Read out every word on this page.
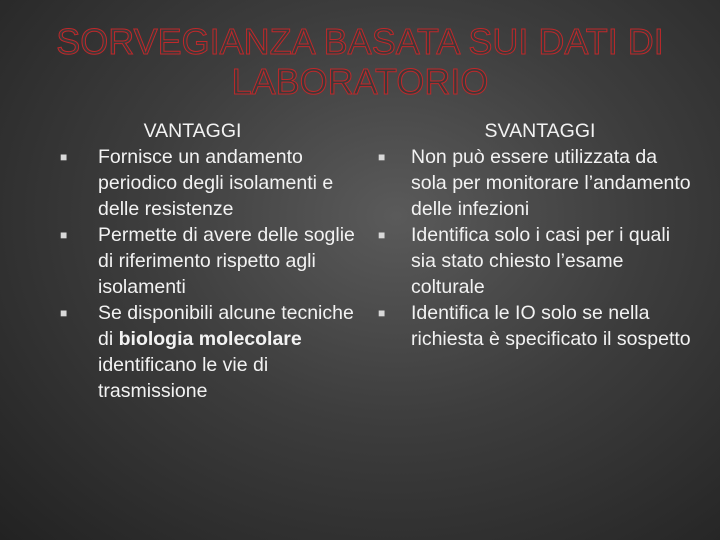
SORVEGIANZA BASATA SUI DATI DI LABORATORIO

VANTAGGI

■ Fornisce un andamento periodico degli isolamenti e delle resistenze
■ Permette di avere delle soglie di riferimento rispetto agli isolamenti
■ Se disponibili alcune tecniche di biologia molecolare identificano le vie di trasmissione

SVANTAGGI

■ Non può essere utilizzata da sola per monitorare l’andamento delle infezioni
■ Identifica solo i casi per i quali sia stato chiesto l’esame colturale
■ Identifica le IO solo se nella richiesta è specificato il sospetto
